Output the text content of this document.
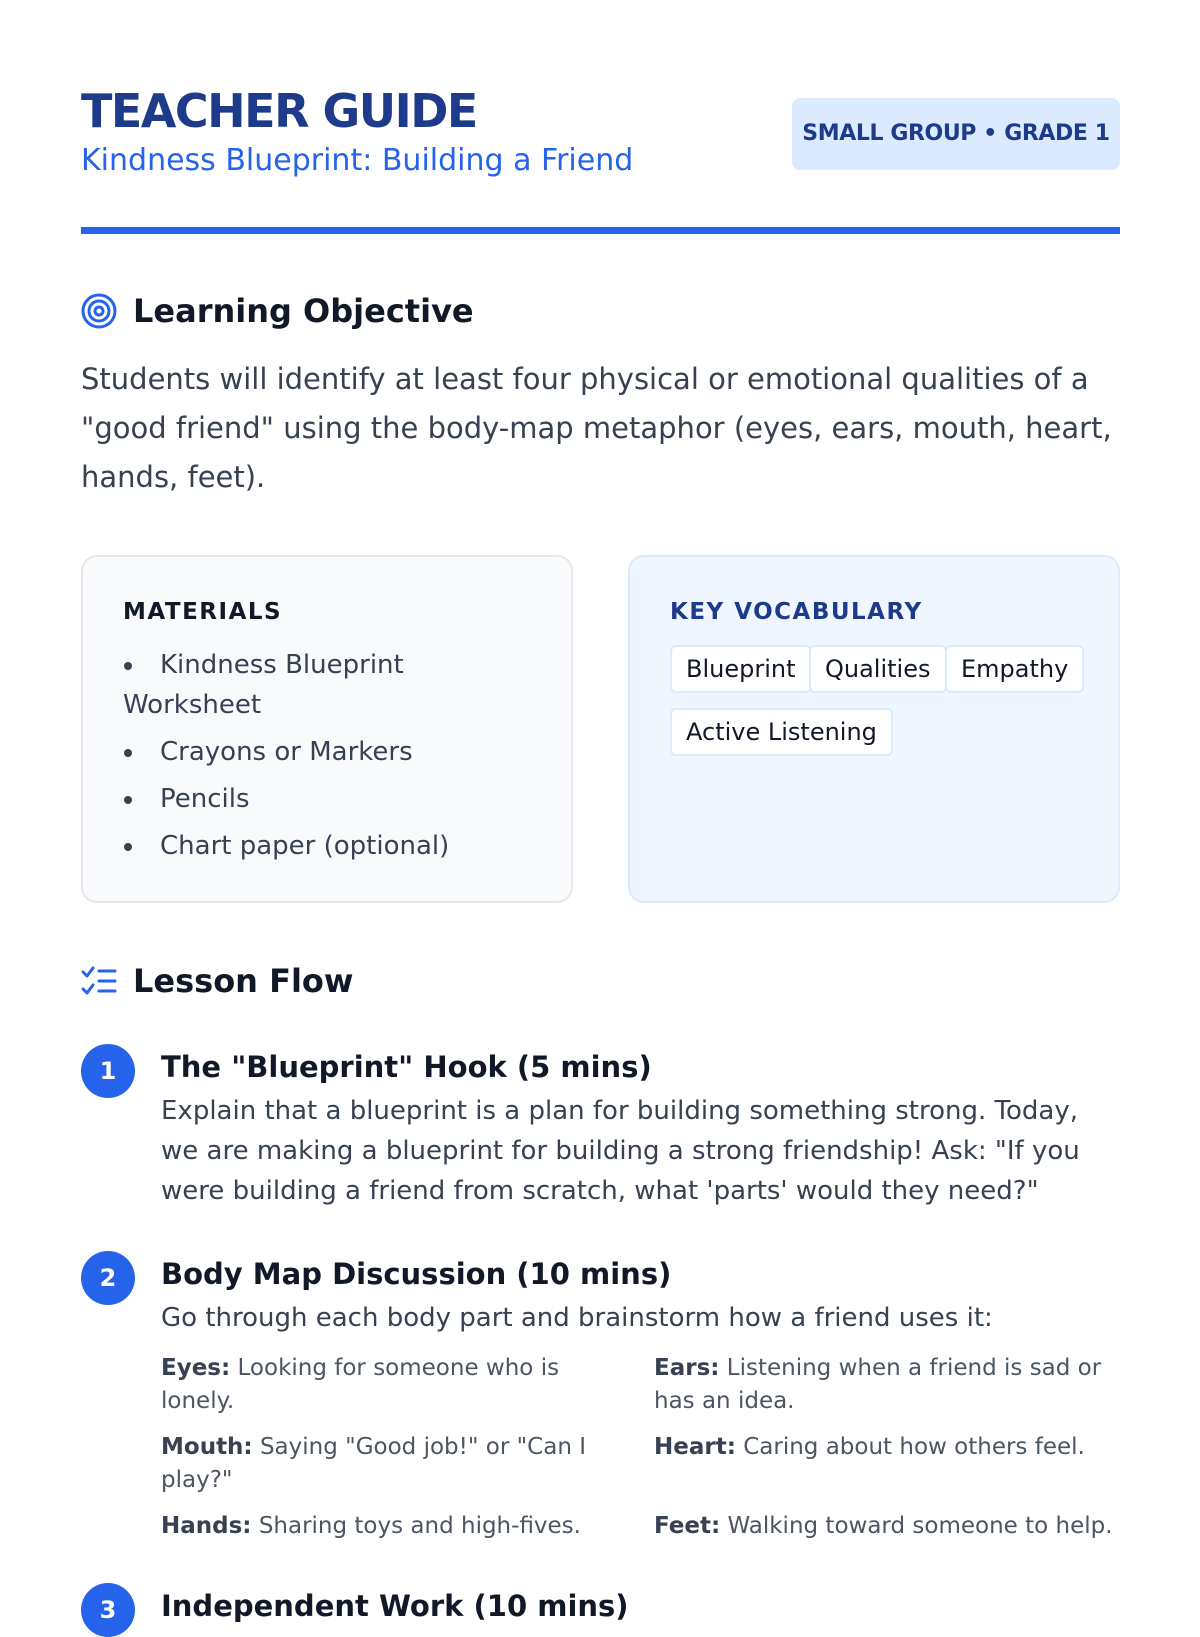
TEACHER GUIDE
Kindness Blueprint: Building a Friend
SMALL GROUP • GRADE 1
Learning Objective
Students will identify at least four physical or emotional qualities of a "good friend" using the body-map metaphor (eyes, ears, mouth, heart, hands, feet).
MATERIALS
Kindness Blueprint Worksheet
Crayons or Markers
Pencils
Chart paper (optional)
KEY VOCABULARY
Blueprint	Qualities	Empathy
Active Listening
Lesson Flow
1	The "Blueprint" Hook (5 mins)
Explain that a blueprint is a plan for building something strong. Today, we are making a blueprint for building a strong friendship! Ask: "If you were building a friend from scratch, what 'parts' would they need?"
2	Body Map Discussion (10 mins)
Go through each body part and brainstorm how a friend uses it:
Eyes: Looking for someone who is lonely.
Ears: Listening when a friend is sad or has an idea.
Mouth: Saying "Good job!" or "Can I play?"
Heart: Caring about how others feel.
Hands: Sharing toys and high-fives.	Feet: Walking toward someone to help.
3	Independent Work (10 mins)
